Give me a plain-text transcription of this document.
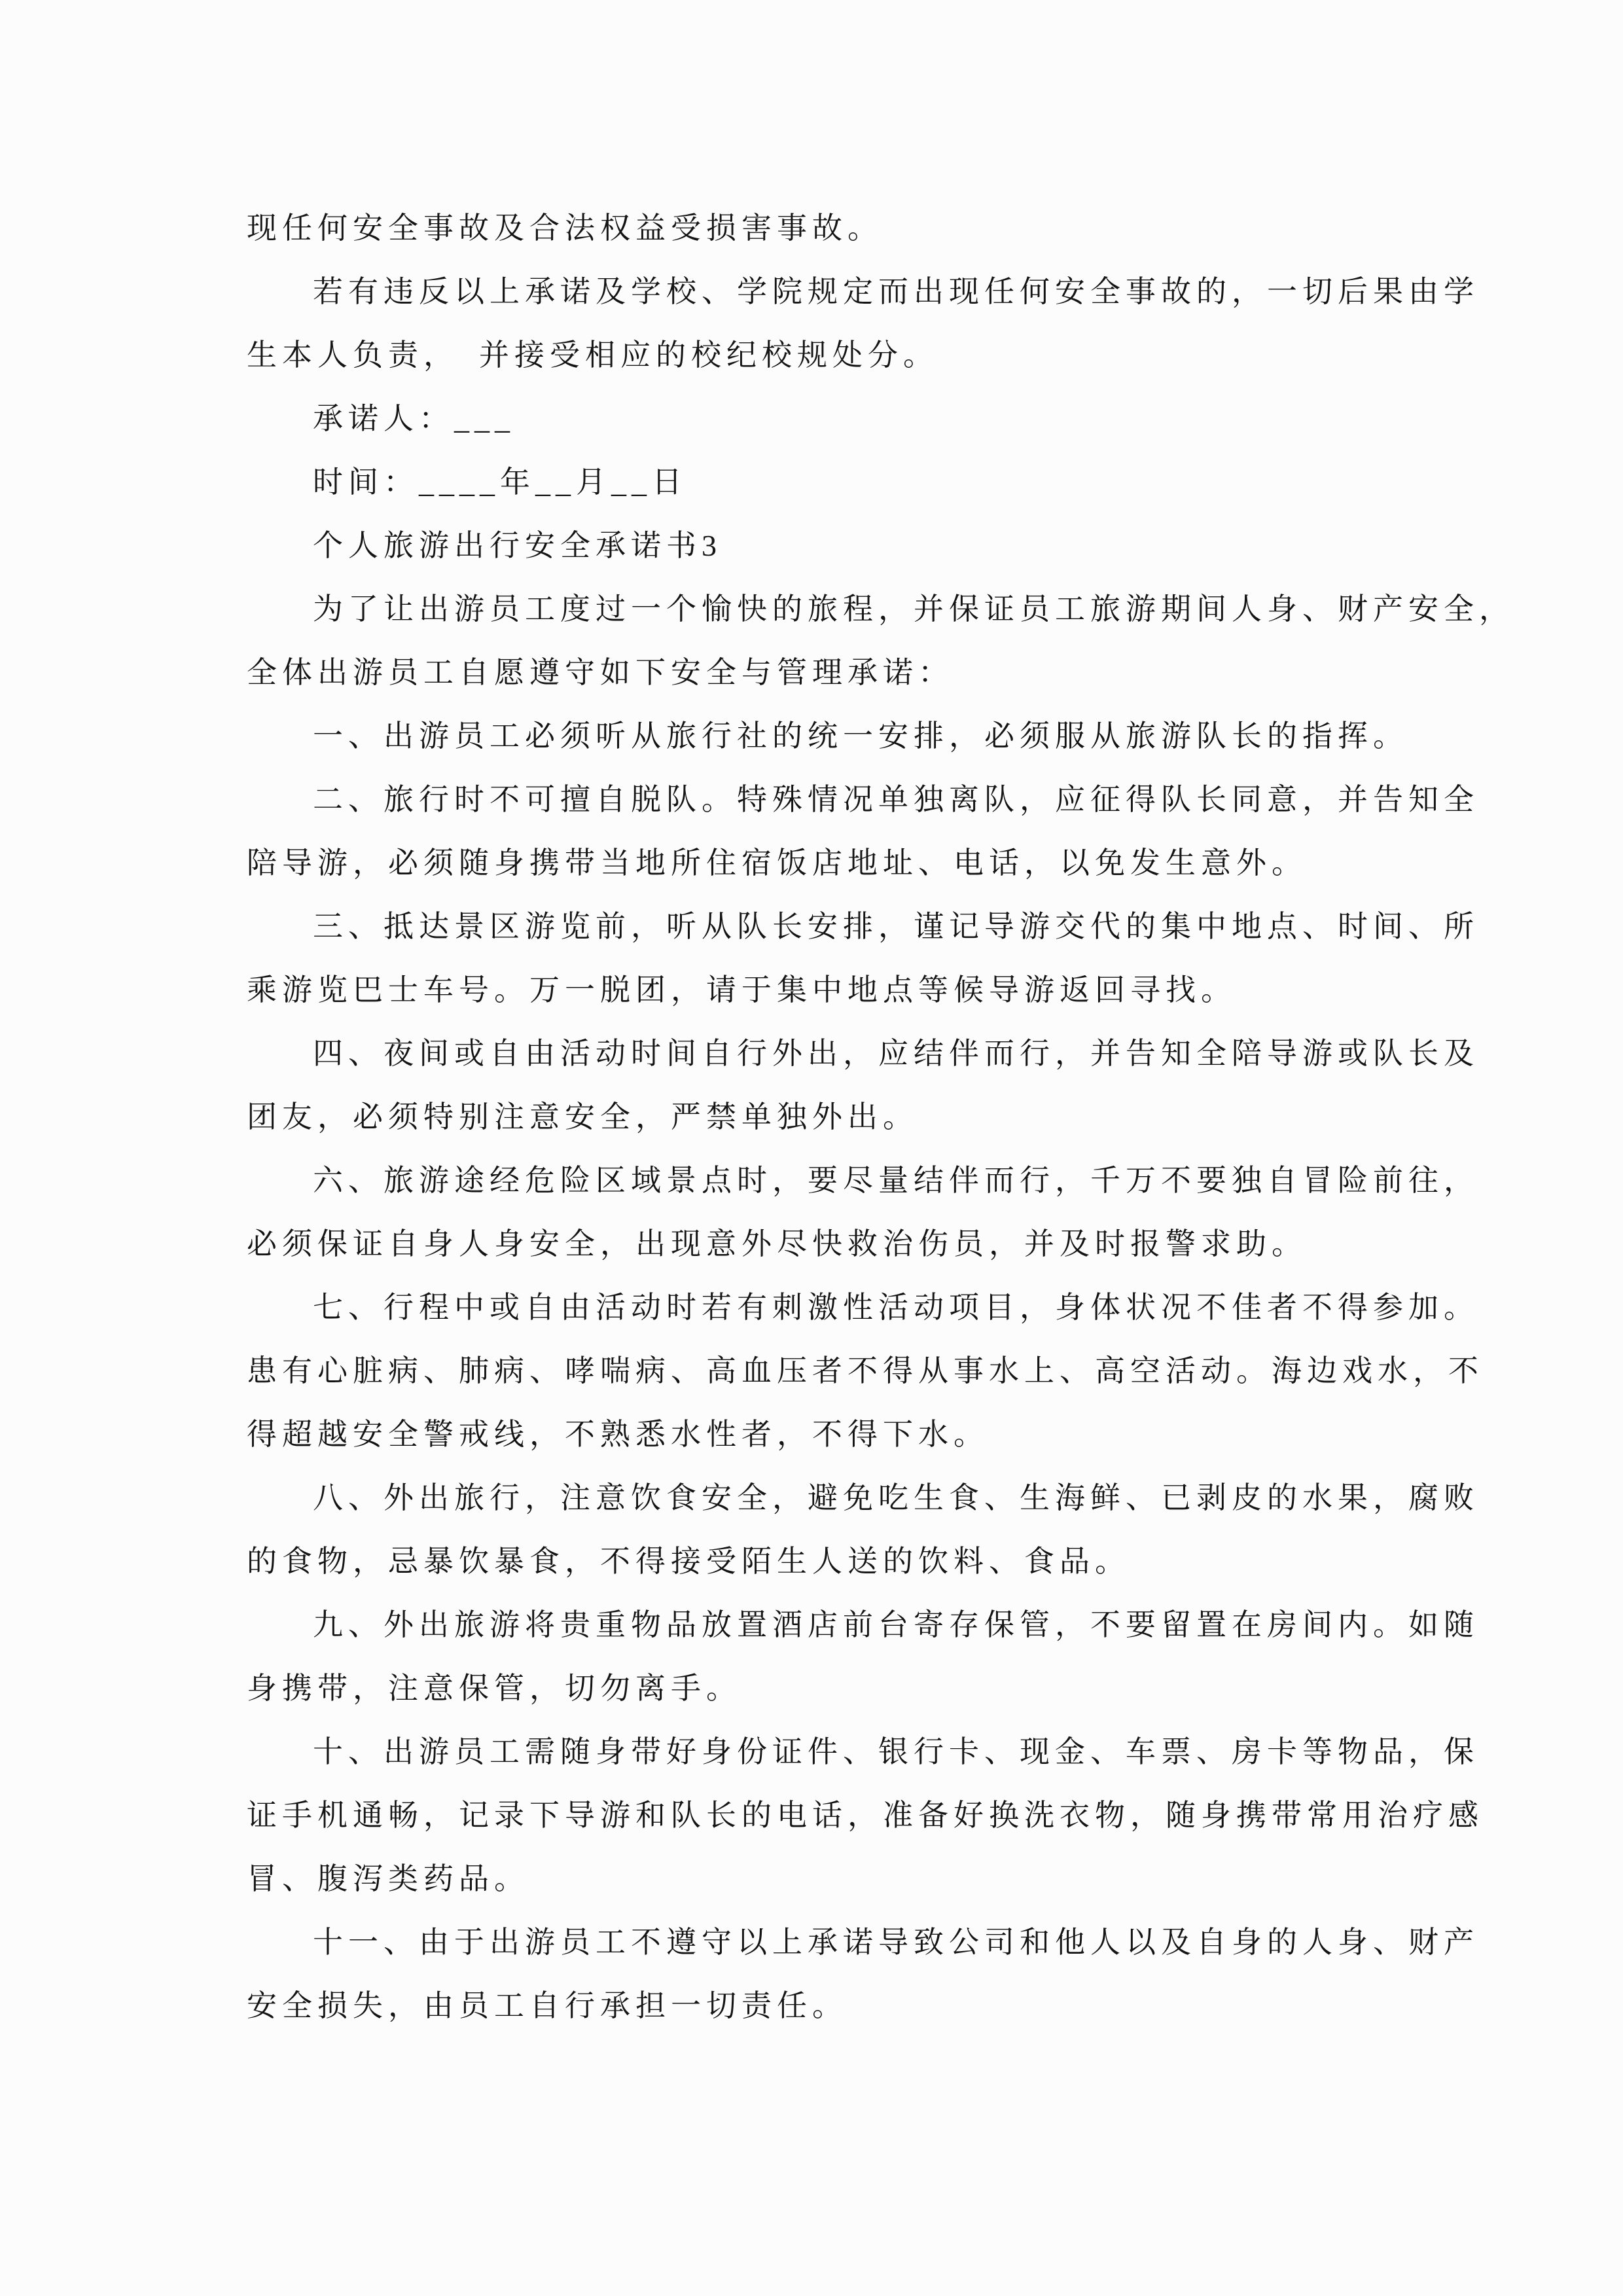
现任何安全事故及合法权益受损害事故。
若有违反以上承诺及学校、学院规定而出现任何安全事故的，一切后果由学
生本人负责，　并接受相应的校纪校规处分。
承诺人：___
时间：____年__月__日
个人旅游出行安全承诺书3
为了让出游员工度过一个愉快的旅程，并保证员工旅游期间人身、财产安全，
全体出游员工自愿遵守如下安全与管理承诺：
一、出游员工必须听从旅行社的统一安排，必须服从旅游队长的指挥。
二、旅行时不可擅自脱队。特殊情况单独离队，应征得队长同意，并告知全
陪导游，必须随身携带当地所住宿饭店地址、电话，以免发生意外。
三、抵达景区游览前，听从队长安排，谨记导游交代的集中地点、时间、所
乘游览巴士车号。万一脱团，请于集中地点等候导游返回寻找。
四、夜间或自由活动时间自行外出，应结伴而行，并告知全陪导游或队长及
团友，必须特别注意安全，严禁单独外出。
六、旅游途经危险区域景点时，要尽量结伴而行，千万不要独自冒险前往，
必须保证自身人身安全，出现意外尽快救治伤员，并及时报警求助。
七、行程中或自由活动时若有刺激性活动项目，身体状况不佳者不得参加。
患有心脏病、肺病、哮喘病、高血压者不得从事水上、高空活动。海边戏水，不
得超越安全警戒线，不熟悉水性者，不得下水。
八、外出旅行，注意饮食安全，避免吃生食、生海鲜、已剥皮的水果，腐败
的食物，忌暴饮暴食，不得接受陌生人送的饮料、食品。
九、外出旅游将贵重物品放置酒店前台寄存保管，不要留置在房间内。如随
身携带，注意保管，切勿离手。
十、出游员工需随身带好身份证件、银行卡、现金、车票、房卡等物品，保
证手机通畅，记录下导游和队长的电话，准备好换洗衣物，随身携带常用治疗感
冒、腹泻类药品。
十一、由于出游员工不遵守以上承诺导致公司和他人以及自身的人身、财产
安全损失，由员工自行承担一切责任。
